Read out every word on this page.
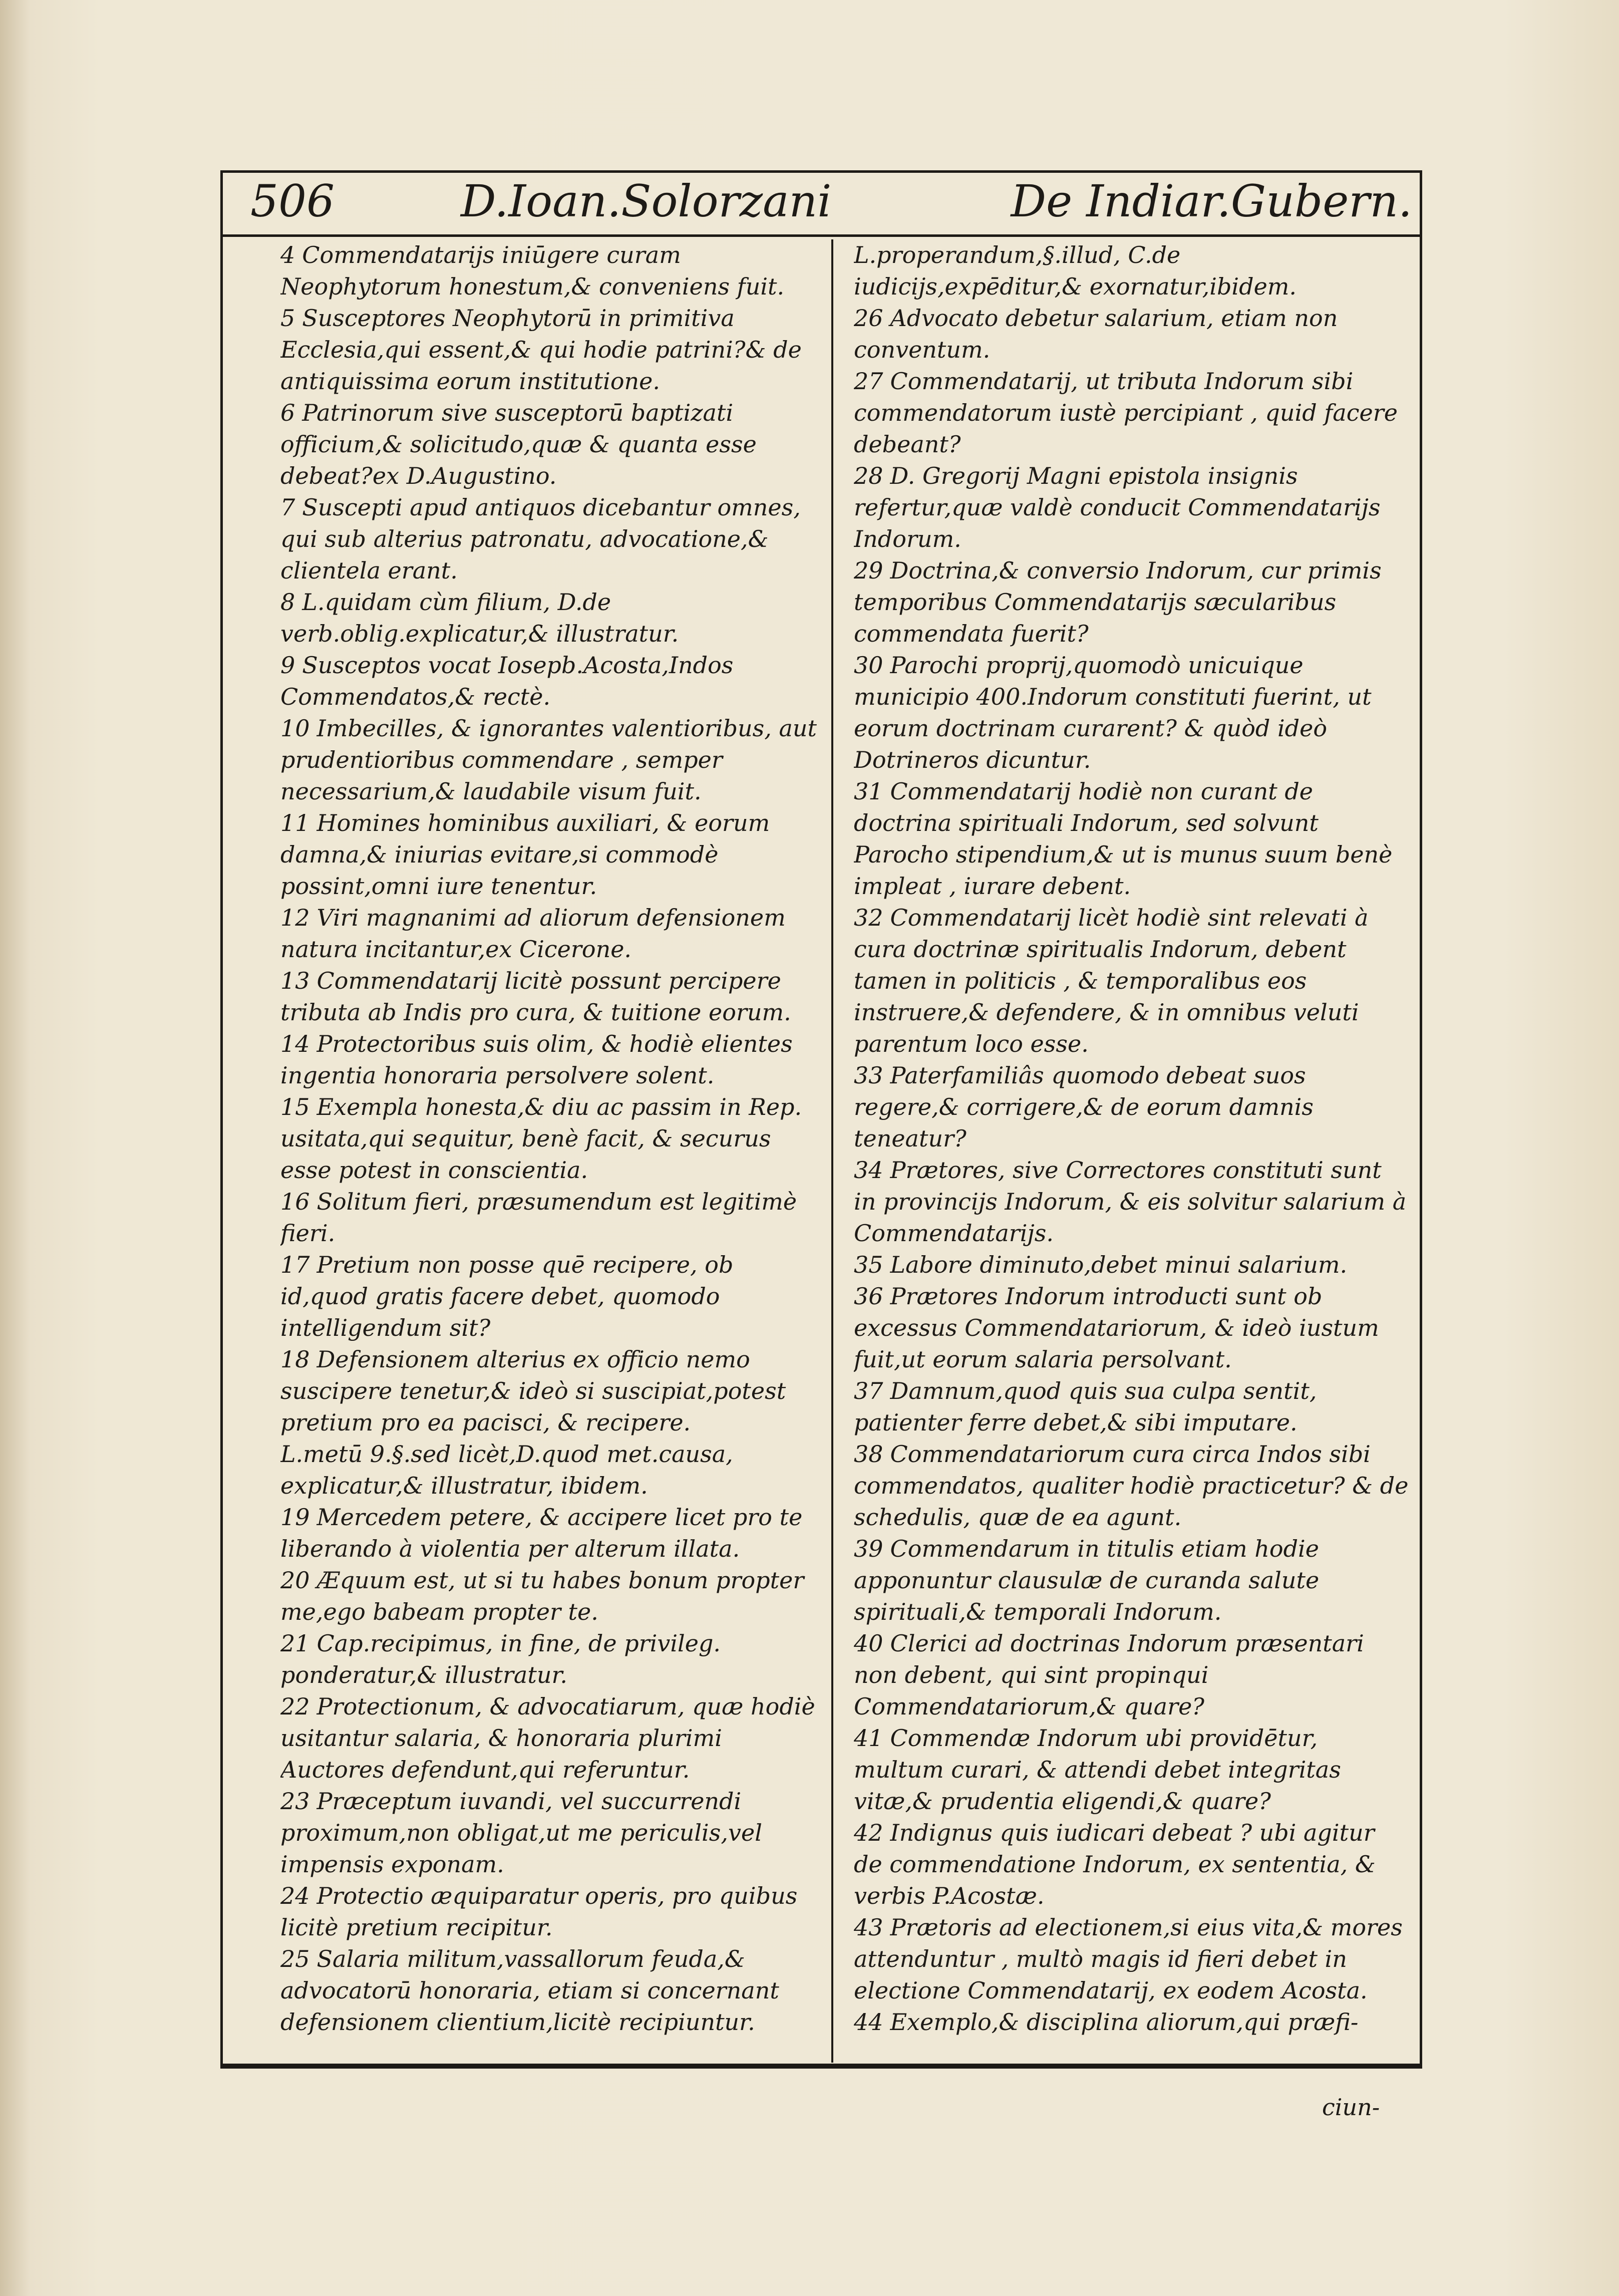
506	D.Ioan.Solorzani	De Indiar.Gubern.
4 Commendatarijs iniūgere curam Neophytorum honestum,& conveniens fuit.
5 Susceptores Neophytorū in primitiva Ecclesia,qui essent,& qui hodie patrini?& de antiquissima eorum institutione.
6 Patrinorum sive susceptorū baptizati officium,& solicitudo,quæ & quanta esse debeat?ex D.Augustino.
7 Suscepti apud antiquos dicebantur omnes, qui sub alterius patronatu, advocatione,& clientela erant.
8 L.quidam cùm filium, D.de verb.oblig.explicatur,& illustratur.
9 Susceptos vocat Iosepb.Acosta,Indos Commendatos,& rectè.
10 Imbecilles, & ignorantes valentioribus, aut prudentioribus commendare , semper necessarium,& laudabile visum fuit.
11 Homines hominibus auxiliari, & eorum damna,& iniurias evitare,si commodè possint,omni iure tenentur.
12 Viri magnanimi ad aliorum defensionem natura incitantur,ex Cicerone.
13 Commendatarij licitè possunt percipere tributa ab Indis pro cura, & tuitione eorum.
14 Protectoribus suis olim, & hodiè elientes ingentia honoraria persolvere solent.
15 Exempla honesta,& diu ac passim in Rep. usitata,qui sequitur, benè facit, & securus esse potest in conscientia.
16 Solitum fieri, præsumendum est legitimè fieri.
17 Pretium non posse quē recipere, ob id,quod gratis facere debet, quomodo intelligendum sit?
18 Defensionem alterius ex officio nemo suscipere tenetur,& ideò si suscipiat,potest pretium pro ea pacisci, & recipere.
L.metū 9.§.sed licèt,D.quod met.causa, explicatur,& illustratur, ibidem.
19 Mercedem petere, & accipere licet pro te liberando à violentia per alterum illata.
20 Æquum est, ut si tu habes bonum propter me,ego babeam propter te.
21 Cap.recipimus, in fine, de privileg. ponderatur,& illustratur.
22 Protectionum, & advocatiarum, quæ hodiè usitantur salaria, & honoraria plurimi Auctores defendunt,qui referuntur.
23 Præceptum iuvandi, vel succurrendi proximum,non obligat,ut me periculis,vel impensis exponam.
24 Protectio æquiparatur operis, pro quibus licitè pretium recipitur.
25 Salaria militum,vassallorum feuda,& advocatorū honoraria, etiam si concernant defensionem clientium,licitè recipiuntur.
L.properandum,§.illud, C.de iudicijs,expēditur,& exornatur,ibidem.
26 Advocato debetur salarium, etiam non conventum.
27 Commendatarij, ut tributa Indorum sibi commendatorum iustè percipiant , quid facere debeant?
28 D. Gregorij Magni epistola insignis refertur,quæ valdè conducit Commendatarijs Indorum.
29 Doctrina,& conversio Indorum, cur primis temporibus Commendatarijs sæcularibus commendata fuerit?
30 Parochi proprij,quomodò unicuique municipio 400.Indorum constituti fuerint, ut eorum doctrinam curarent? & quòd ideò Dotrineros dicuntur.
31 Commendatarij hodiè non curant de doctrina spirituali Indorum, sed solvunt Parocho stipendium,& ut is munus suum benè impleat , iurare debent.
32 Commendatarij licèt hodiè sint relevati à cura doctrinæ spiritualis Indorum, debent tamen in politicis , & temporalibus eos instruere,& defendere, & in omnibus veluti parentum loco esse.
33 Paterfamiliâs quomodo debeat suos regere,& corrigere,& de eorum damnis teneatur?
34 Prætores, sive Correctores constituti sunt in provincijs Indorum, & eis solvitur salarium à Commendatarijs.
35 Labore diminuto,debet minui salarium.
36 Prætores Indorum introducti sunt ob excessus Commendatariorum, & ideò iustum fuit,ut eorum salaria persolvant.
37 Damnum,quod quis sua culpa sentit, patienter ferre debet,& sibi imputare.
38 Commendatariorum cura circa Indos sibi commendatos, qualiter hodiè practicetur? & de schedulis, quæ de ea agunt.
39 Commendarum in titulis etiam hodie apponuntur clausulæ de curanda salute spirituali,& temporali Indorum.
40 Clerici ad doctrinas Indorum præsentari non debent, qui sint propinqui Commendatariorum,& quare?
41 Commendæ Indorum ubi providētur, multum curari, & attendi debet integritas vitæ,& prudentia eligendi,& quare?
42 Indignus quis iudicari debeat ? ubi agitur de commendatione Indorum, ex sententia, & verbis P.Acostæ.
43 Prætoris ad electionem,si eius vita,& mores attenduntur , multò magis id fieri debet in electione Commendatarij, ex eodem Acosta.
44 Exemplo,& disciplina aliorum,qui præfi-
ciun-
